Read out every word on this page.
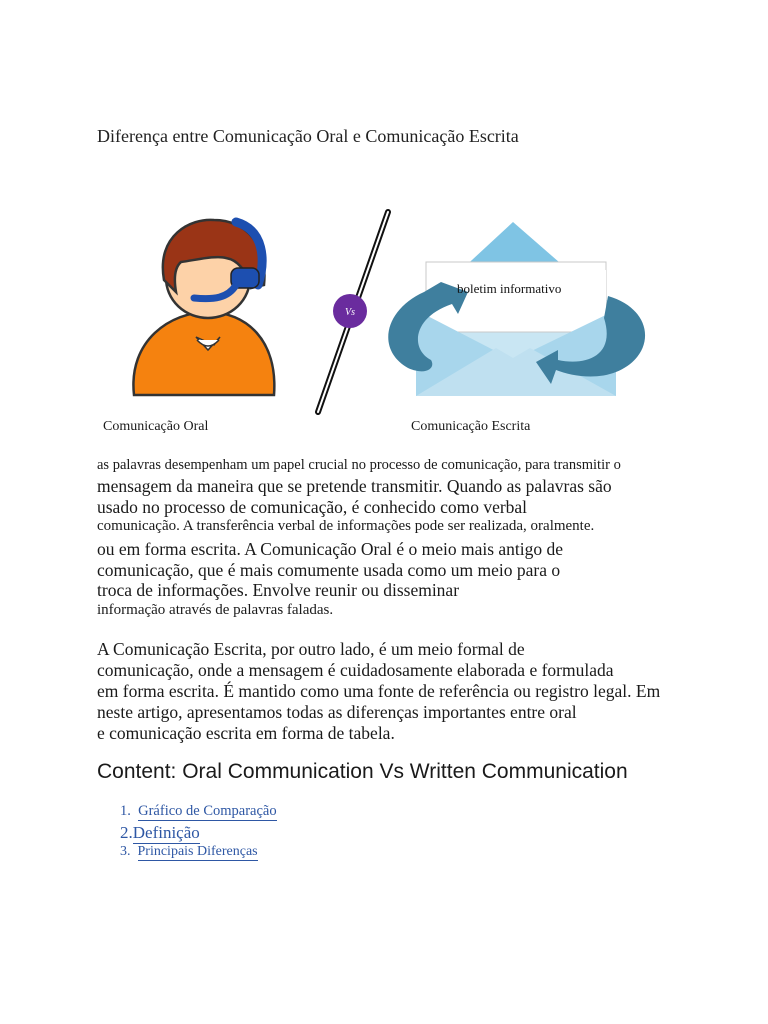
Diferença entre Comunicação Oral e Comunicação Escrita
Vs
boletim informativo
Comunicação Oral	Comunicação Escrita
as palavras desempenham um papel crucial no processo de comunicação, para transmitir o
mensagem da maneira que se pretende transmitir. Quando as palavras são
usado no processo de comunicação, é conhecido como verbal
comunicação. A transferência verbal de informações pode ser realizada, oralmente.
ou em forma escrita. A Comunicação Oral é o meio mais antigo de
comunicação, que é mais comumente usada como um meio para o
troca de informações. Envolve reunir ou disseminar
informação através de palavras faladas.
A Comunicação Escrita, por outro lado, é um meio formal de
comunicação, onde a mensagem é cuidadosamente elaborada e formulada
em forma escrita. É mantido como uma fonte de referência ou registro legal. Em
neste artigo, apresentamos todas as diferenças importantes entre oral
e comunicação escrita em forma de tabela.
Content: Oral Communication Vs Written Communication
1. Gráfico de Comparação
2.Definição
3. Principais Diferenças
